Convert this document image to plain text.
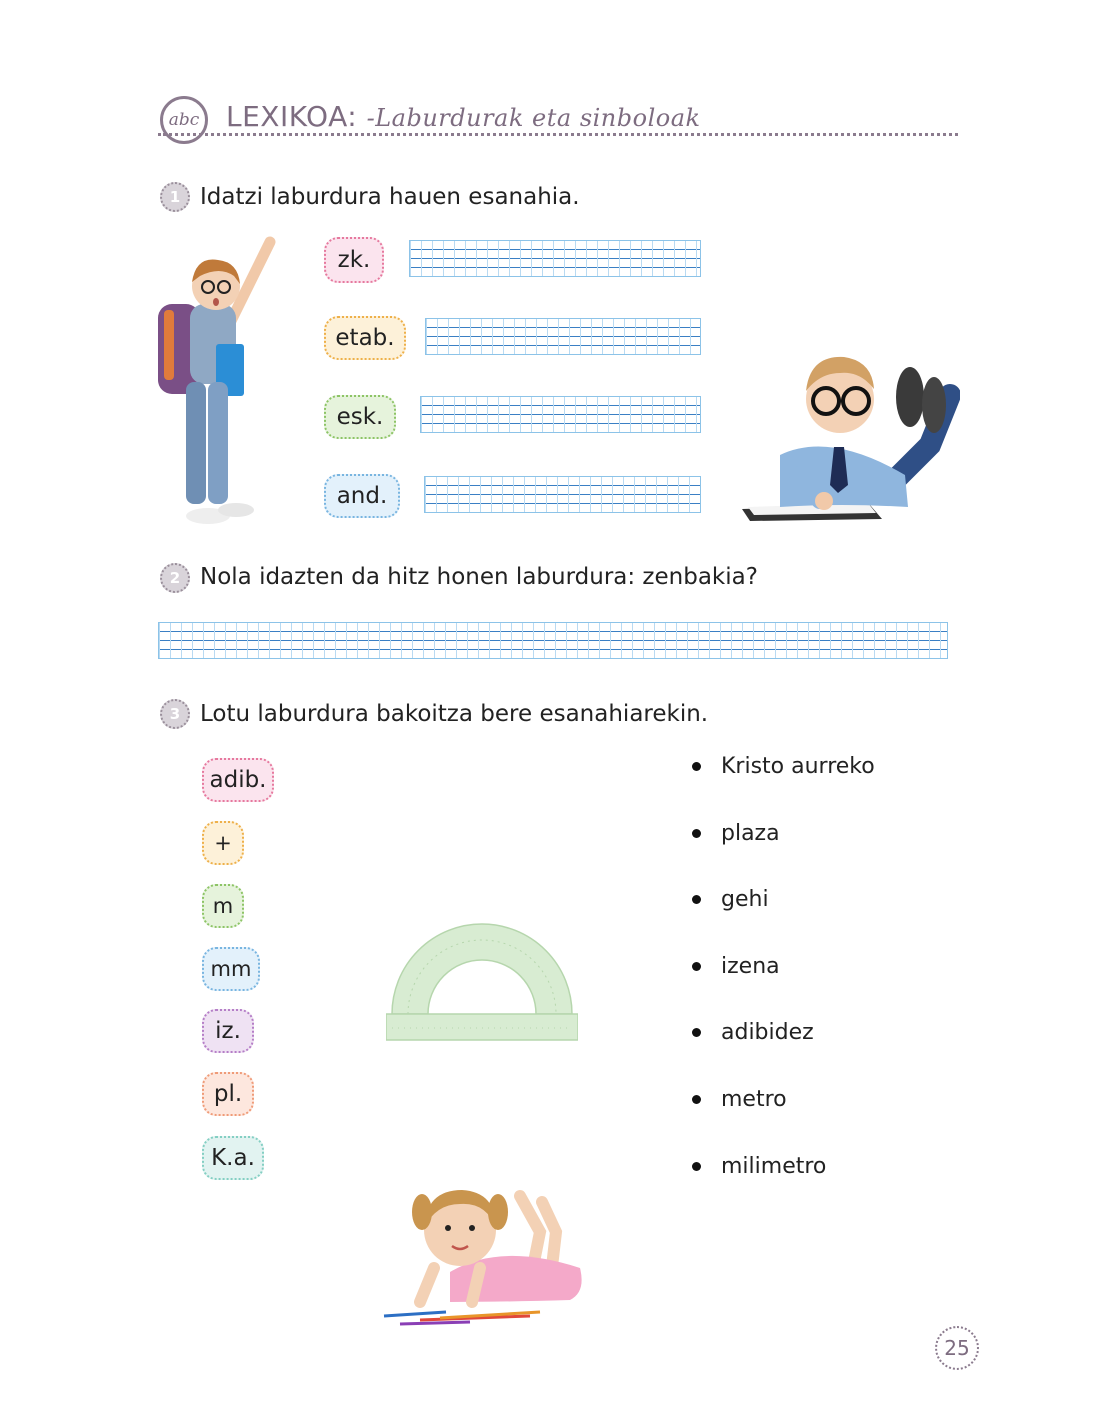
abc LEXIKOA: -Laburdurak eta sinboloak
1 Idatzi laburdura hauen esanahia.
zk.
etab.
esk.
and.
2 Nola idazten da hitz honen laburdura: zenbakia?
3 Lotu laburdura bakoitza bere esanahiarekin.
adib.
+
m
mm
iz.
pl.
K.a.
Kristo aurreko
plaza
gehi
izena
adibidez
metro
milimetro
25
